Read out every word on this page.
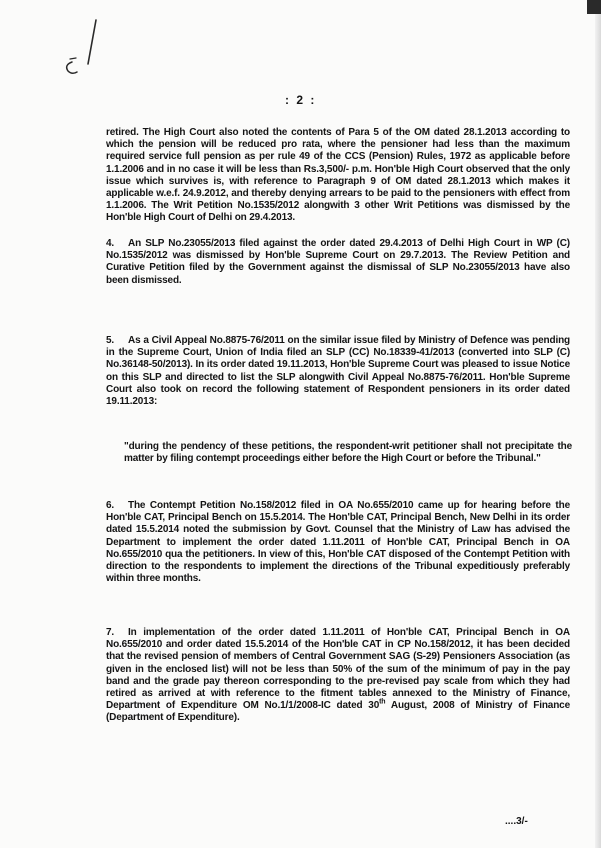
: 2 :
retired. The High Court also noted the contents of Para 5 of the OM dated 28.1.2013 according to which the pension will be reduced pro rata, where the pensioner had less than the maximum required service full pension as per rule 49 of the CCS (Pension) Rules, 1972 as applicable before 1.1.2006 and in no case it will be less than Rs.3,500/- p.m. Hon'ble High Court observed that the only issue which survives is, with reference to Paragraph 9 of OM dated 28.1.2013 which makes it applicable w.e.f. 24.9.2012, and thereby denying arrears to be paid to the pensioners with effect from 1.1.2006. The Writ Petition No.1535/2012 alongwith 3 other Writ Petitions was dismissed by the Hon'ble High Court of Delhi on 29.4.2013.
4. An SLP No.23055/2013 filed against the order dated 29.4.2013 of Delhi High Court in WP (C) No.1535/2012 was dismissed by Hon'ble Supreme Court on 29.7.2013. The Review Petition and Curative Petition filed by the Government against the dismissal of SLP No.23055/2013 have also been dismissed.
5. As a Civil Appeal No.8875-76/2011 on the similar issue filed by Ministry of Defence was pending in the Supreme Court, Union of India filed an SLP (CC) No.18339-41/2013 (converted into SLP (C) No.36148-50/2013). In its order dated 19.11.2013, Hon'ble Supreme Court was pleased to issue Notice on this SLP and directed to list the SLP alongwith Civil Appeal No.8875-76/2011. Hon'ble Supreme Court also took on record the following statement of Respondent pensioners in its order dated 19.11.2013:
"during the pendency of these petitions, the respondent-writ petitioner shall not precipitate the matter by filing contempt proceedings either before the High Court or before the Tribunal."
6. The Contempt Petition No.158/2012 filed in OA No.655/2010 came up for hearing before the Hon'ble CAT, Principal Bench on 15.5.2014. The Hon'ble CAT, Principal Bench, New Delhi in its order dated 15.5.2014 noted the submission by Govt. Counsel that the Ministry of Law has advised the Department to implement the order dated 1.11.2011 of Hon'ble CAT, Principal Bench in OA No.655/2010 qua the petitioners. In view of this, Hon'ble CAT disposed of the Contempt Petition with direction to the respondents to implement the directions of the Tribunal expeditiously preferably within three months.
7. In implementation of the order dated 1.11.2011 of Hon'ble CAT, Principal Bench in OA No.655/2010 and order dated 15.5.2014 of the Hon'ble CAT in CP No.158/2012, it has been decided that the revised pension of members of Central Government SAG (S-29) Pensioners Association (as given in the enclosed list) will not be less than 50% of the sum of the minimum of pay in the pay band and the grade pay thereon corresponding to the pre-revised pay scale from which they had retired as arrived at with reference to the fitment tables annexed to the Ministry of Finance, Department of Expenditure OM No.1/1/2008-IC dated 30th August, 2008 of Ministry of Finance (Department of Expenditure).
....3/-
